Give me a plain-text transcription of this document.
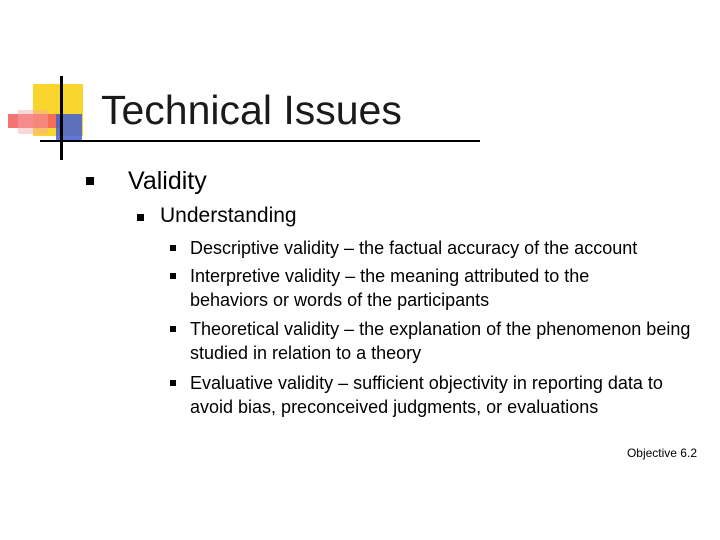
Technical Issues
Validity
Understanding
Descriptive validity – the factual accuracy of the account
Interpretive validity – the meaning attributed to the behaviors or words of the participants
Theoretical validity – the explanation of the phenomenon being studied in relation to a theory
Evaluative validity – sufficient objectivity in reporting data to avoid bias, preconceived judgments, or evaluations
Objective 6.2
